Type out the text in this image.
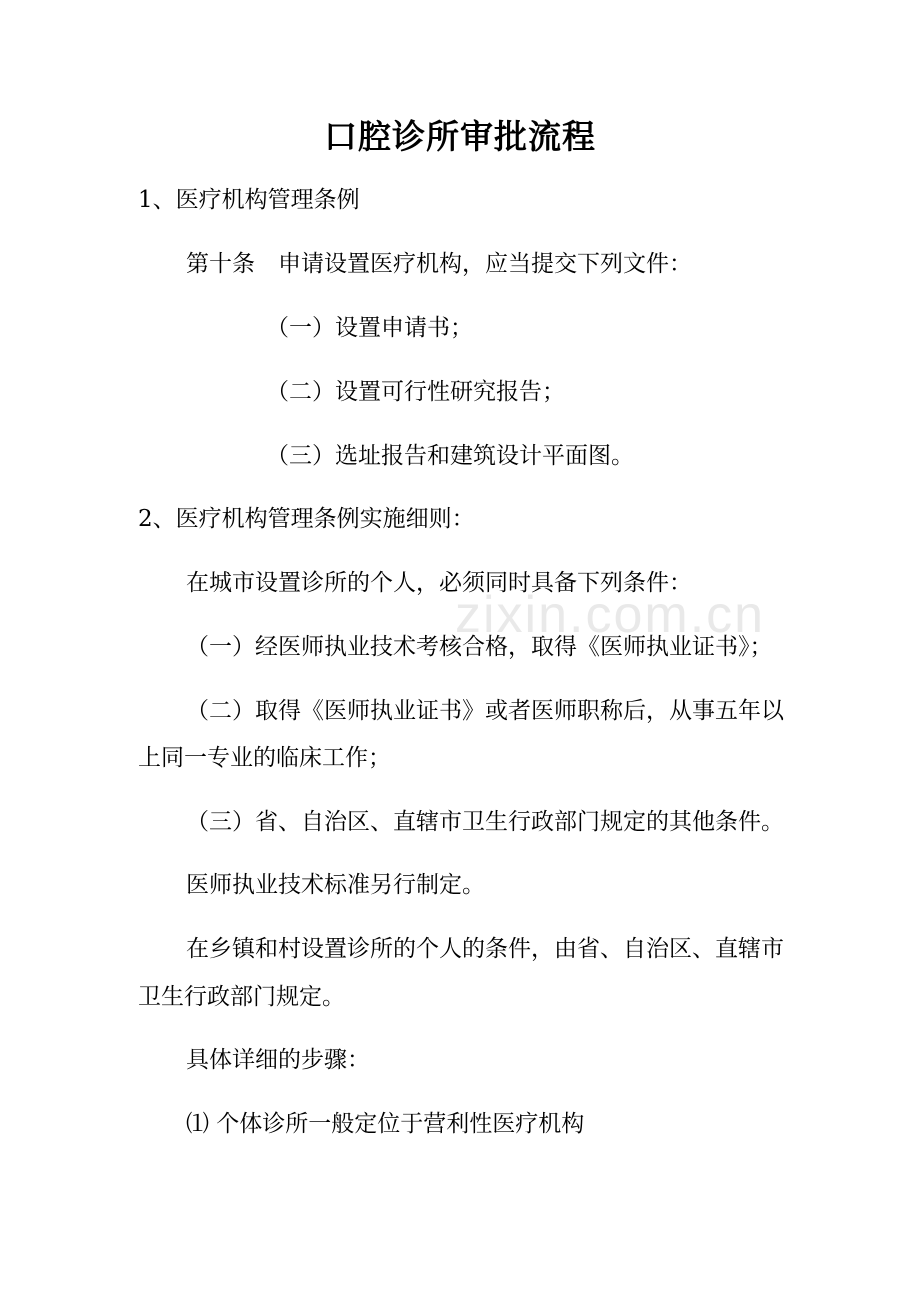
zixin.com.cn
口腔诊所审批流程
1、医疗机构管理条例
第十条　申请设置医疗机构，应当提交下列文件：
（一）设置申请书；
（二）设置可行性研究报告；
（三）选址报告和建筑设计平面图。
2、医疗机构管理条例实施细则：
在城市设置诊所的个人，必须同时具备下列条件：
（一）经医师执业技术考核合格，取得《医师执业证书》；
（二）取得《医师执业证书》或者医师职称后，从事五年以
上同一专业的临床工作；
（三）省、自治区、直辖市卫生行政部门规定的其他条件。
医师执业技术标准另行制定。
在乡镇和村设置诊所的个人的条件，由省、自治区、直辖市
卫生行政部门规定。
具体详细的步骤：
⑴ 个体诊所一般定位于营利性医疗机构
